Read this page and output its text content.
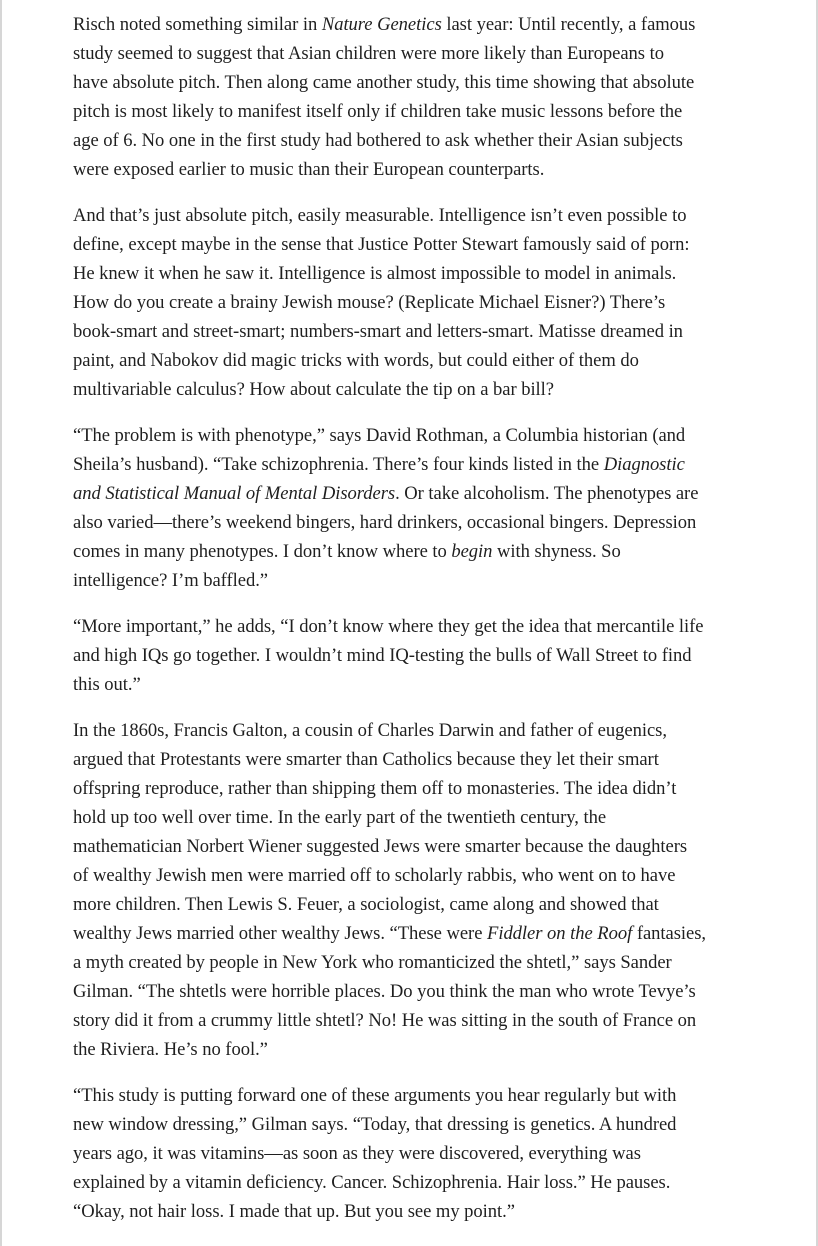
Risch noted something similar in Nature Genetics last year: Until recently, a famous
study seemed to suggest that Asian children were more likely than Europeans to
have absolute pitch. Then along came another study, this time showing that absolute
pitch is most likely to manifest itself only if children take music lessons before the
age of 6. No one in the first study had bothered to ask whether their Asian subjects
were exposed earlier to music than their European counterparts.

And that’s just absolute pitch, easily measurable. Intelligence isn’t even possible to
define, except maybe in the sense that Justice Potter Stewart famously said of porn:
He knew it when he saw it. Intelligence is almost impossible to model in animals.
How do you create a brainy Jewish mouse? (Replicate Michael Eisner?) There’s
book-smart and street-smart; numbers-smart and letters-smart. Matisse dreamed in
paint, and Nabokov did magic tricks with words, but could either of them do
multivariable calculus? How about calculate the tip on a bar bill?

“The problem is with phenotype,” says David Rothman, a Columbia historian (and
Sheila’s husband). “Take schizophrenia. There’s four kinds listed in the Diagnostic
and Statistical Manual of Mental Disorders. Or take alcoholism. The phenotypes are
also varied—there’s weekend bingers, hard drinkers, occasional bingers. Depression
comes in many phenotypes. I don’t know where to begin with shyness. So
intelligence? I’m baffled.”

“More important,” he adds, “I don’t know where they get the idea that mercantile life
and high IQs go together. I wouldn’t mind IQ-testing the bulls of Wall Street to find
this out.”

In the 1860s, Francis Galton, a cousin of Charles Darwin and father of eugenics,
argued that Protestants were smarter than Catholics because they let their smart
offspring reproduce, rather than shipping them off to monasteries. The idea didn’t
hold up too well over time. In the early part of the twentieth century, the
mathematician Norbert Wiener suggested Jews were smarter because the daughters
of wealthy Jewish men were married off to scholarly rabbis, who went on to have
more children. Then Lewis S. Feuer, a sociologist, came along and showed that
wealthy Jews married other wealthy Jews. “These were Fiddler on the Roof fantasies,
a myth created by people in New York who romanticized the shtetl,” says Sander
Gilman. “The shtetls were horrible places. Do you think the man who wrote Tevye’s
story did it from a crummy little shtetl? No! He was sitting in the south of France on
the Riviera. He’s no fool.”

“This study is putting forward one of these arguments you hear regularly but with
new window dressing,” Gilman says. “Today, that dressing is genetics. A hundred
years ago, it was vitamins—as soon as they were discovered, everything was
explained by a vitamin deficiency. Cancer. Schizophrenia. Hair loss.” He pauses.
“Okay, not hair loss. I made that up. But you see my point.”
